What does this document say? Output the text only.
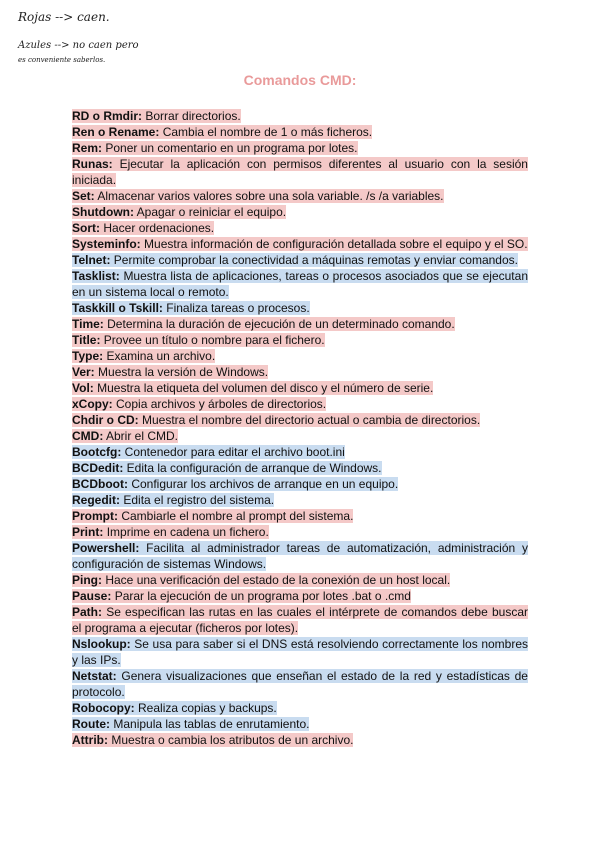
Rojas --> caen.
Azules --> no caen pero
es conveniente saberlos.
Comandos CMD:

RD o Rmdir: Borrar directorios.

Ren o Rename: Cambia el nombre de 1 o más ficheros.

Rem: Poner un comentario en un programa por lotes.

Runas: Ejecutar la aplicación con permisos diferentes al usuario con la sesión iniciada.

Set: Almacenar varios valores sobre una sola variable. /s /a variables.

Shutdown: Apagar o reiniciar el equipo.

Sort: Hacer ordenaciones.

Systeminfo: Muestra información de configuración detallada sobre el equipo y el SO.

Telnet: Permite comprobar la conectividad a máquinas remotas y enviar comandos.

Tasklist: Muestra lista de aplicaciones, tareas o procesos asociados que se ejecutan en un sistema local o remoto.

Taskkill o Tskill: Finaliza tareas o procesos.

Time: Determina la duración de ejecución de un determinado comando.

Title: Provee un título o nombre para el fichero.

Type: Examina un archivo.

Ver: Muestra la versión de Windows.

Vol: Muestra la etiqueta del volumen del disco y el número de serie.

xCopy: Copia archivos y árboles de directorios.

Chdir o CD: Muestra el nombre del directorio actual o cambia de directorios.

CMD: Abrir el CMD.

Bootcfg: Contenedor para editar el archivo boot.ini

BCDedit: Edita la configuración de arranque de Windows.

BCDboot: Configurar los archivos de arranque en un equipo.

Regedit: Edita el registro del sistema.

Prompt: Cambiarle el nombre al prompt del sistema.

Print: Imprime en cadena un fichero.

Powershell: Facilita al administrador tareas de automatización, administración y configuración de sistemas Windows.

Ping: Hace una verificación del estado de la conexión de un host local.

Pause: Parar la ejecución de un programa por lotes .bat o .cmd

Path: Se especifican las rutas en las cuales el intérprete de comandos debe buscar el programa a ejecutar (ficheros por lotes).

Nslookup: Se usa para saber si el DNS está resolviendo correctamente los nombres y las IPs.

Netstat: Genera visualizaciones que enseñan el estado de la red y estadísticas de protocolo.

Robocopy: Realiza copias y backups.

Route: Manipula las tablas de enrutamiento.

Attrib: Muestra o cambia los atributos de un archivo.
